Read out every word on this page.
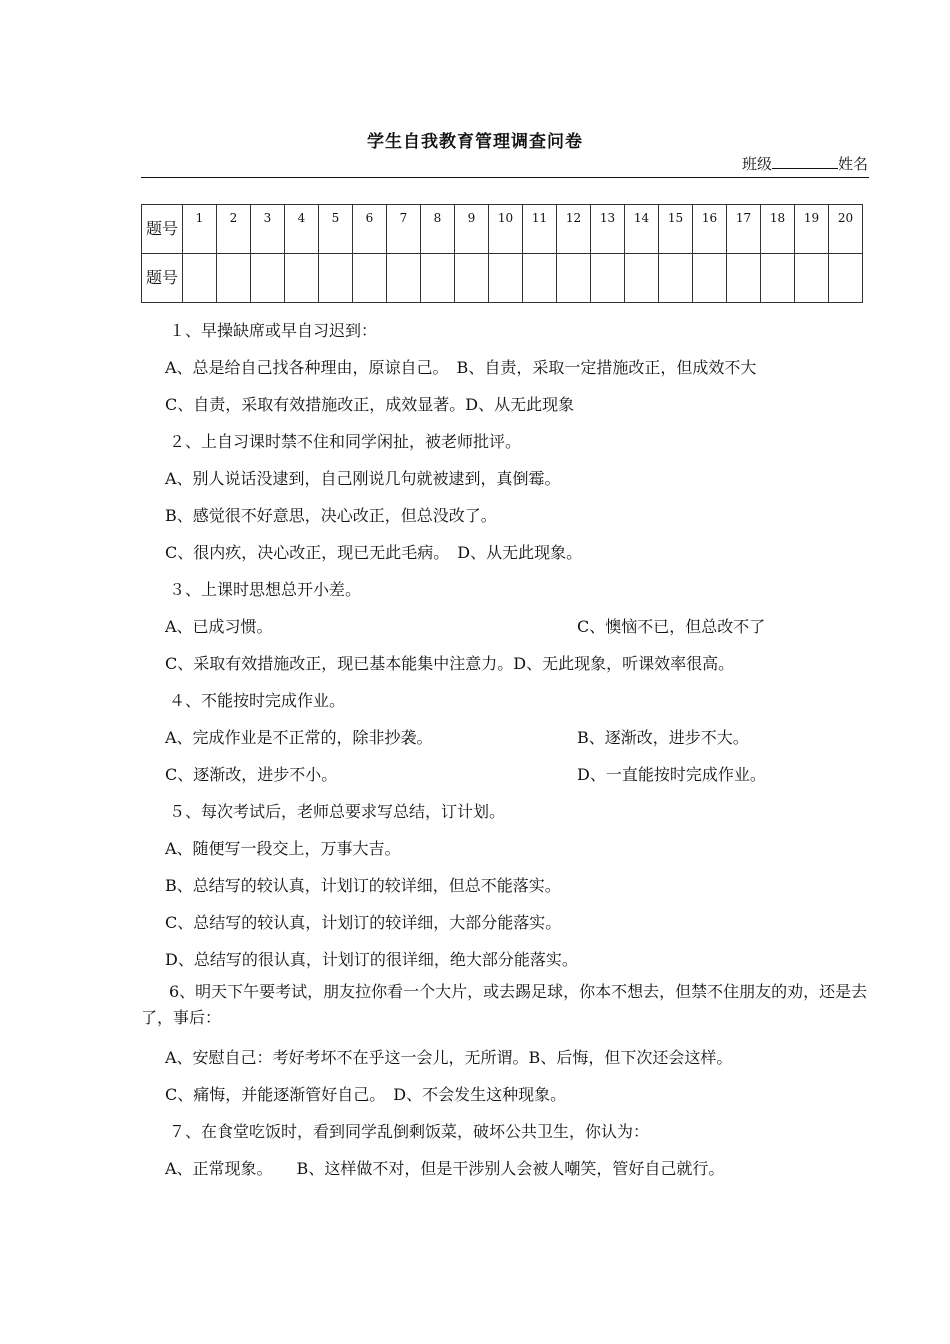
学生自我教育管理调查问卷
班级	姓名
题号	1	2	3	4	5	6	7	8	9	10	11	12	13	14	15	16	17	18	19	20
题号																				
１、早操缺席或早自习迟到：
A、总是给自己找各种理由，原谅自己。　B、自责，采取一定措施改正，但成效不大
C、自责，采取有效措施改正，成效显著。D、从无此现象
２、上自习课时禁不住和同学闲扯，被老师批评。
A、别人说话没逮到，自己刚说几句就被逮到，真倒霉。
B、感觉很不好意思，决心改正，但总没改了。
C、很内疚，决心改正，现已无此毛病。　D、从无此现象。
３、上课时思想总开小差。
A、已成习惯。	C、懊恼不已，但总改不了
C、采取有效措施改正，现已基本能集中注意力。D、无此现象，听课效率很高。
４、不能按时完成作业。
A、完成作业是不正常的，除非抄袭。	B、逐渐改，进步不大。
C、逐渐改，进步不小。	D、一直能按时完成作业。
５、每次考试后，老师总要求写总结，订计划。
A、随便写一段交上，万事大吉。
B、总结写的较认真，计划订的较详细，但总不能落实。
C、总结写的较认真，计划订的较详细，大部分能落实。
D、总结写的很认真，计划订的很详细，绝大部分能落实。
6、明天下午要考试，朋友拉你看一个大片，或去踢足球，你本不想去，但禁不住朋友的劝，还是去了，事后：
A、安慰自己：考好考坏不在乎这一会儿，无所谓。B、后悔，但下次还会这样。
C、痛悔，并能逐渐管好自己。　D、不会发生这种现象。
７、在食堂吃饭时，看到同学乱倒剩饭菜，破坏公共卫生，你认为：
A、正常现象。　　B、这样做不对，但是干涉别人会被人嘲笑，管好自己就行。
